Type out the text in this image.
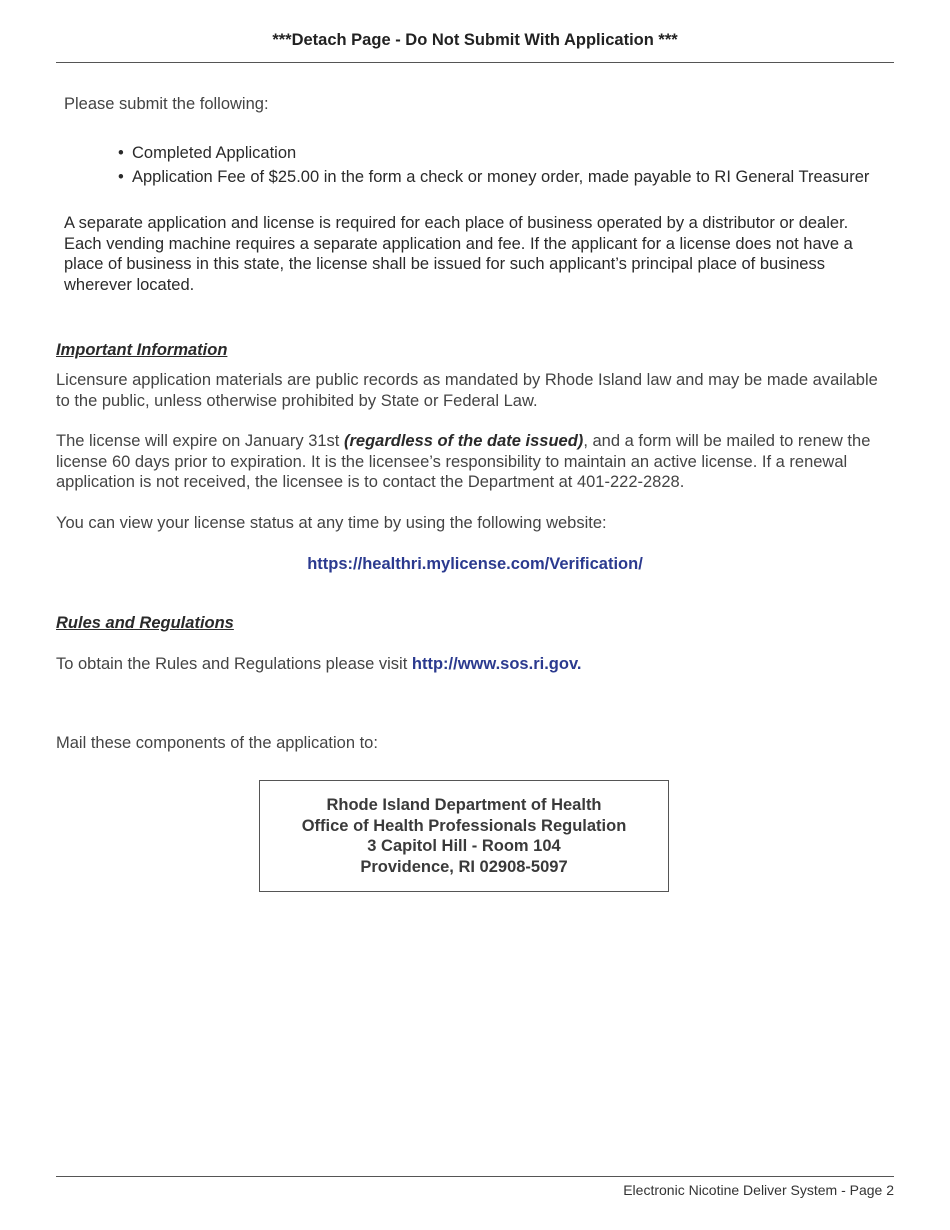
***Detach Page - Do Not Submit With Application ***
Please submit the following:
• Completed Application
• Application Fee of $25.00 in the form a check or money order, made payable to RI General Treasurer
A separate application and license is required for each place of business operated by a distributor or dealer. Each vending machine requires a separate application and fee. If the applicant for a license does not have a place of business in this state, the license shall be issued for such applicant’s principal place of business wherever located.
Important Information
Licensure application materials are public records as mandated by Rhode Island law and may be made available to the public, unless otherwise prohibited by State or Federal Law.
The license will expire on January 31st (regardless of the date issued), and a form will be mailed to renew the license 60 days prior to expiration. It is the licensee’s responsibility to maintain an active license. If a renewal application is not received, the licensee is to contact the Department at 401-222-2828.
You can view your license status at any time by using the following website:
https://healthri.mylicense.com/Verification/
Rules and Regulations
To obtain the Rules and Regulations please visit http://www.sos.ri.gov.
Mail these components of the application to:
Rhode Island Department of Health
Office of Health Professionals Regulation
3 Capitol Hill - Room 104
Providence, RI 02908-5097
Electronic Nicotine Deliver System - Page 2
